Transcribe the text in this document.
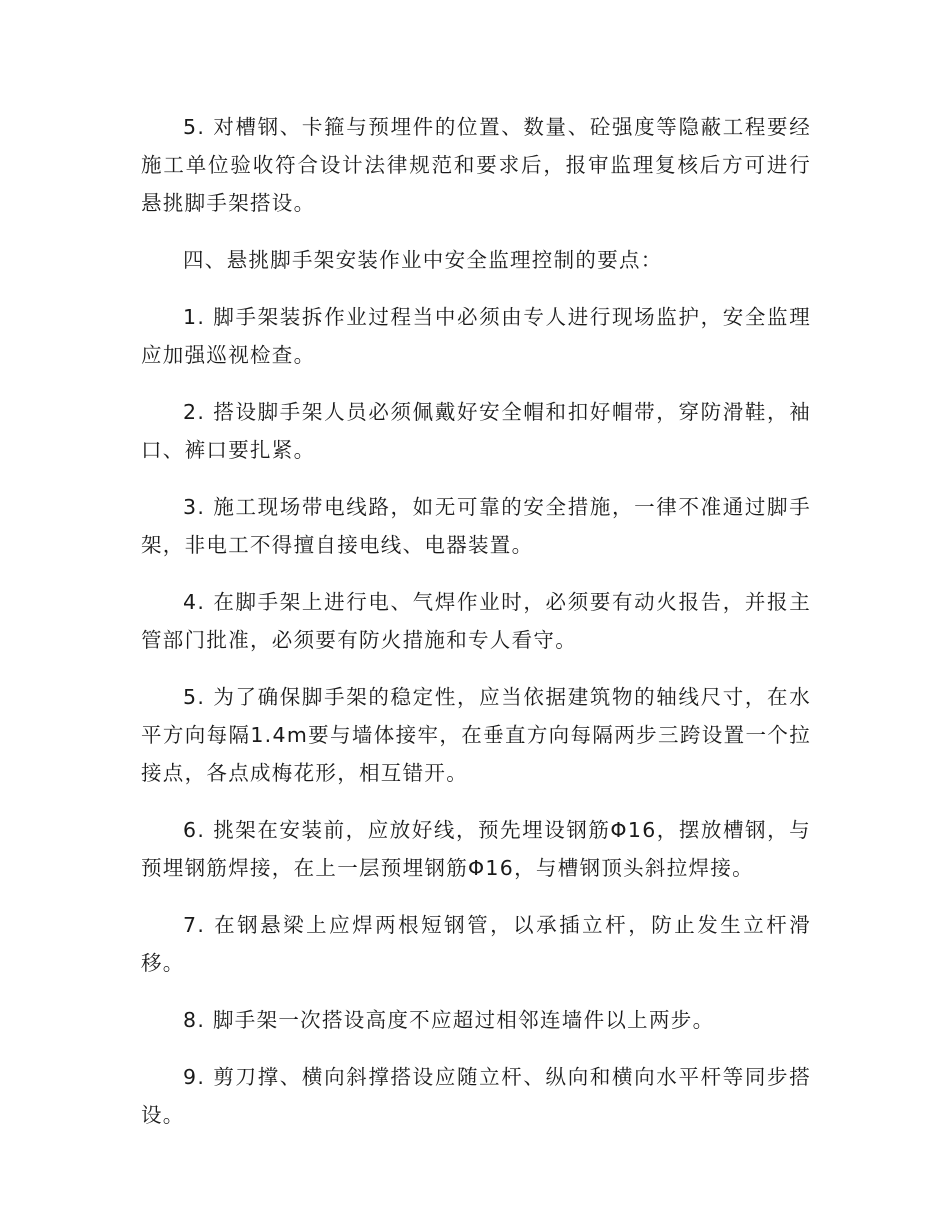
5. 对槽钢、卡箍与预埋件的位置、数量、砼强度等隐蔽工程要经施工单位验收符合设计法律规范和要求后，报审监理复核后方可进行悬挑脚手架搭设。

四、悬挑脚手架安装作业中安全监理控制的要点：

1. 脚手架装拆作业过程当中必须由专人进行现场监护，安全监理应加强巡视检查。

2. 搭设脚手架人员必须佩戴好安全帽和扣好帽带，穿防滑鞋，袖口、裤口要扎紧。

3. 施工现场带电线路，如无可靠的安全措施，一律不准通过脚手架，非电工不得擅自接电线、电器装置。

4. 在脚手架上进行电、气焊作业时，必须要有动火报告，并报主管部门批准，必须要有防火措施和专人看守。

5. 为了确保脚手架的稳定性，应当依据建筑物的轴线尺寸，在水平方向每隔1.4m要与墙体接牢，在垂直方向每隔两步三跨设置一个拉接点，各点成梅花形，相互错开。

6. 挑架在安装前，应放好线，预先埋设钢筋Φ16，摆放槽钢，与预埋钢筋焊接，在上一层预埋钢筋Φ16，与槽钢顶头斜拉焊接。

7. 在钢悬梁上应焊两根短钢管，以承插立杆，防止发生立杆滑移。

8. 脚手架一次搭设高度不应超过相邻连墙件以上两步。

9. 剪刀撑、横向斜撑搭设应随立杆、纵向和横向水平杆等同步搭设。
